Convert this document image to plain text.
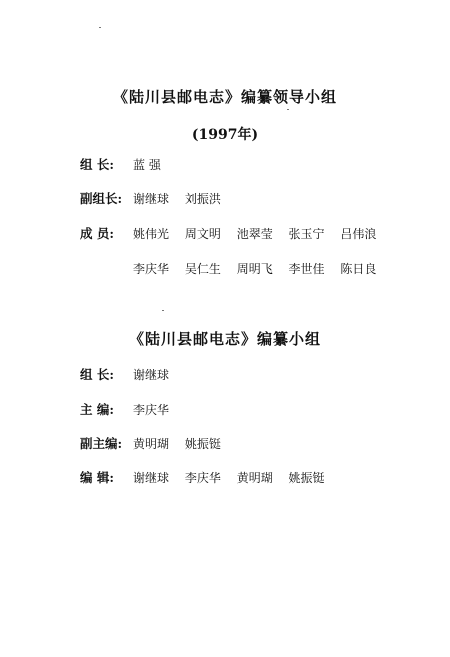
《陆川县邮电志》编纂领导小组
(1997年)
组 长: 蓝 强
副组长: 谢继球 刘振洪
成 员: 姚伟光 周文明 池翠莹 张玉宁 吕伟浪
李庆华 吴仁生 周明飞 李世佳 陈日良
《陆川县邮电志》编纂小组
组 长: 谢继球
主 编: 李庆华
副主编: 黄明瑚 姚振铤
编 辑: 谢继球 李庆华 黄明瑚 姚振铤
